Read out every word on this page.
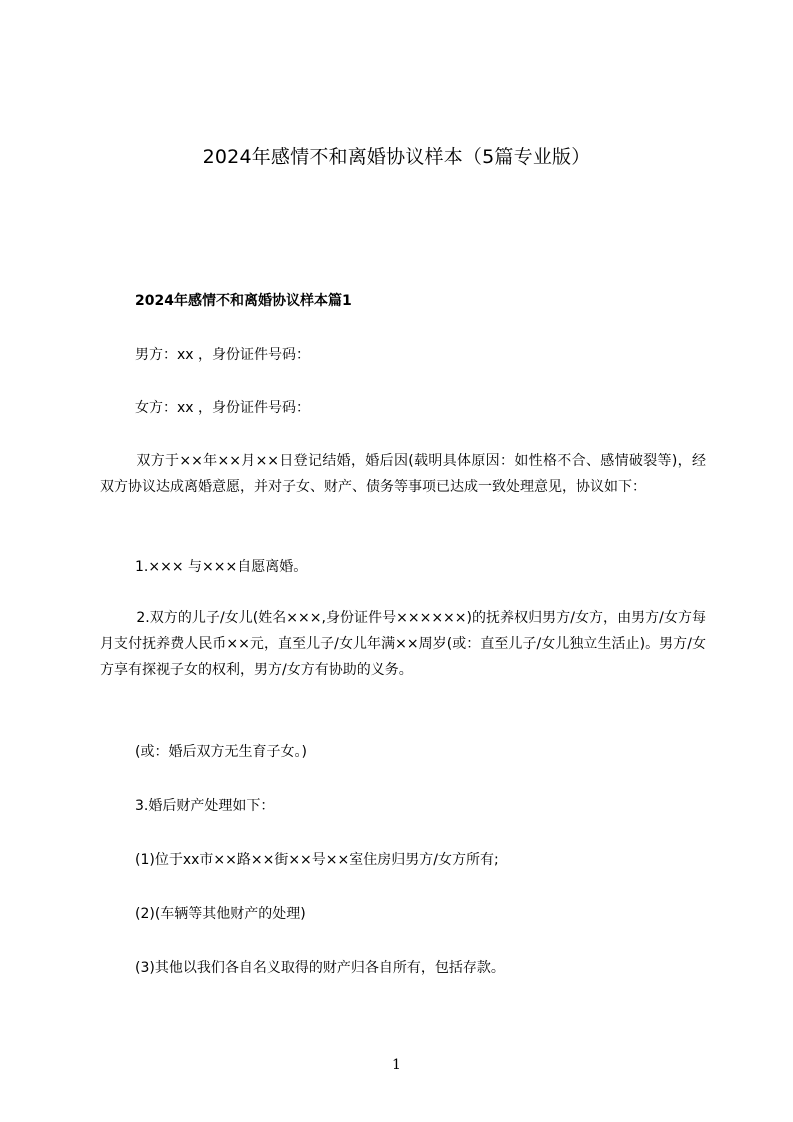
2024年感情不和离婚协议样本（5篇专业版）
2024年感情不和离婚协议样本篇1
男方：xx ，身份证件号码：
女方：xx ，身份证件号码：
双方于××年××月××日登记结婚，婚后因(载明具体原因：如性格不合、感情破裂等)，经双方协议达成离婚意愿，并对子女、财产、债务等事项已达成一致处理意见，协议如下：
1.××× 与×××自愿离婚。
2.双方的儿子/女儿(姓名×××,身份证件号××××××)的抚养权归男方/女方，由男方/女方每月支付抚养费人民币××元，直至儿子/女儿年满××周岁(或：直至儿子/女儿独立生活止)。男方/女方享有探视子女的权利，男方/女方有协助的义务。
(或：婚后双方无生育子女。)
3.婚后财产处理如下：
(1)位于xx市××路××街××号××室住房归男方/女方所有;
(2)(车辆等其他财产的处理)
(3)其他以我们各自名义取得的财产归各自所有，包括存款。
1
